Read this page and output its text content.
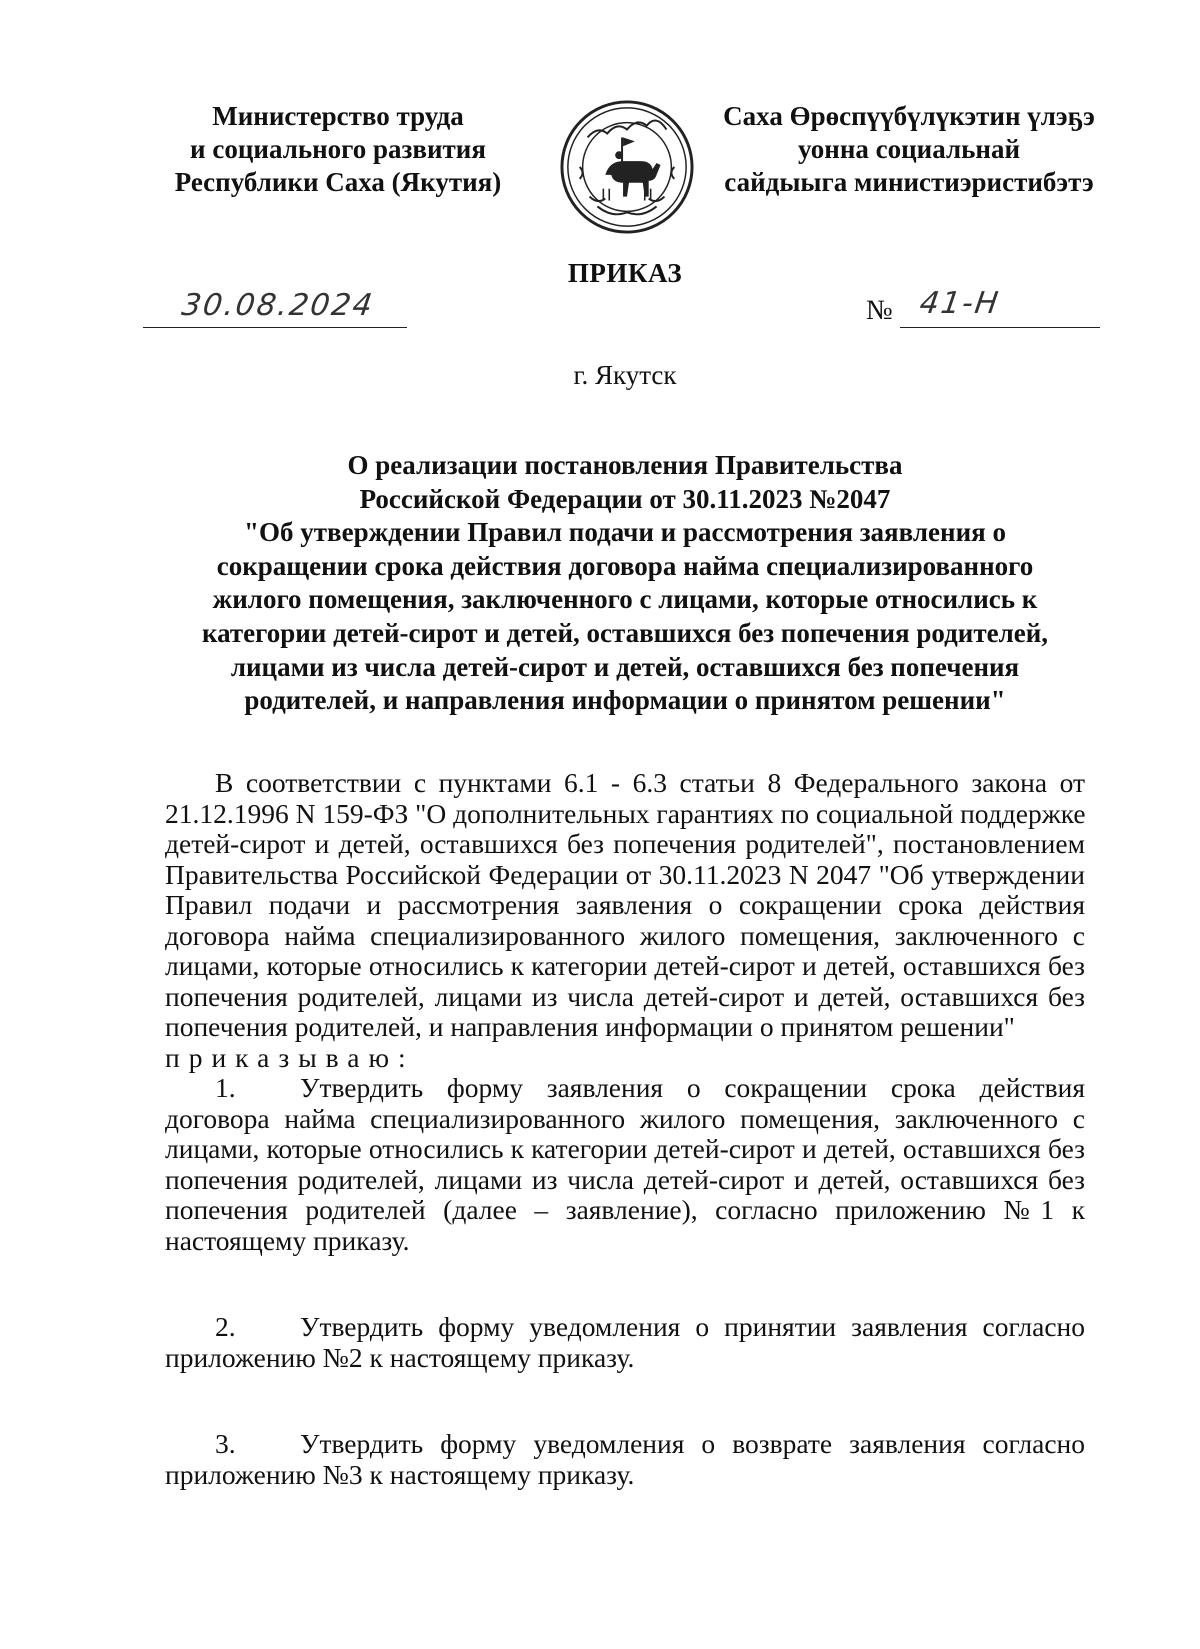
Министерство труда
и социального развития
Республики Саха (Якутия)
Саха Өрөспүүбүлүкэтин үлэҕэ
уонна социальнай
сайдыыга министиэристибэтэ
ПРИКАЗ
30.08.2024	№ 41-Н
г. Якутск
О реализации постановления Правительства
Российской Федерации от 30.11.2023 №2047
"Об утверждении Правил подачи и рассмотрения заявления о
сокращении срока действия договора найма специализированного
жилого помещения, заключенного с лицами, которые относились к
категории детей-сирот и детей, оставшихся без попечения родителей,
лицами из числа детей-сирот и детей, оставшихся без попечения
родителей, и направления информации о принятом решении"
В соответствии с пунктами 6.1 - 6.3 статьи 8 Федерального закона от
21.12.1996 N 159-ФЗ "О дополнительных гарантиях по социальной поддержке
детей-сирот и детей, оставшихся без попечения родителей", постановлением
Правительства Российской Федерации от 30.11.2023 N 2047 "Об утверждении
Правил подачи и рассмотрения заявления о сокращении срока действия
договора найма специализированного жилого помещения, заключенного с
лицами, которые относились к категории детей-сирот и детей, оставшихся без
попечения родителей, лицами из числа детей-сирот и детей, оставшихся без
попечения родителей, и направления информации о принятом решении"
приказываю:
1.	Утвердить форму заявления о сокращении срока действия
договора найма специализированного жилого помещения, заключенного с
лицами, которые относились к категории детей-сирот и детей, оставшихся без
попечения родителей, лицами из числа детей-сирот и детей, оставшихся без
попечения родителей (далее – заявление), согласно приложению №1 к
настоящему приказу.
2.	Утвердить форму уведомления о принятии заявления согласно
приложению №2 к настоящему приказу.
3.	Утвердить форму уведомления о возврате заявления согласно
приложению №3 к настоящему приказу.
